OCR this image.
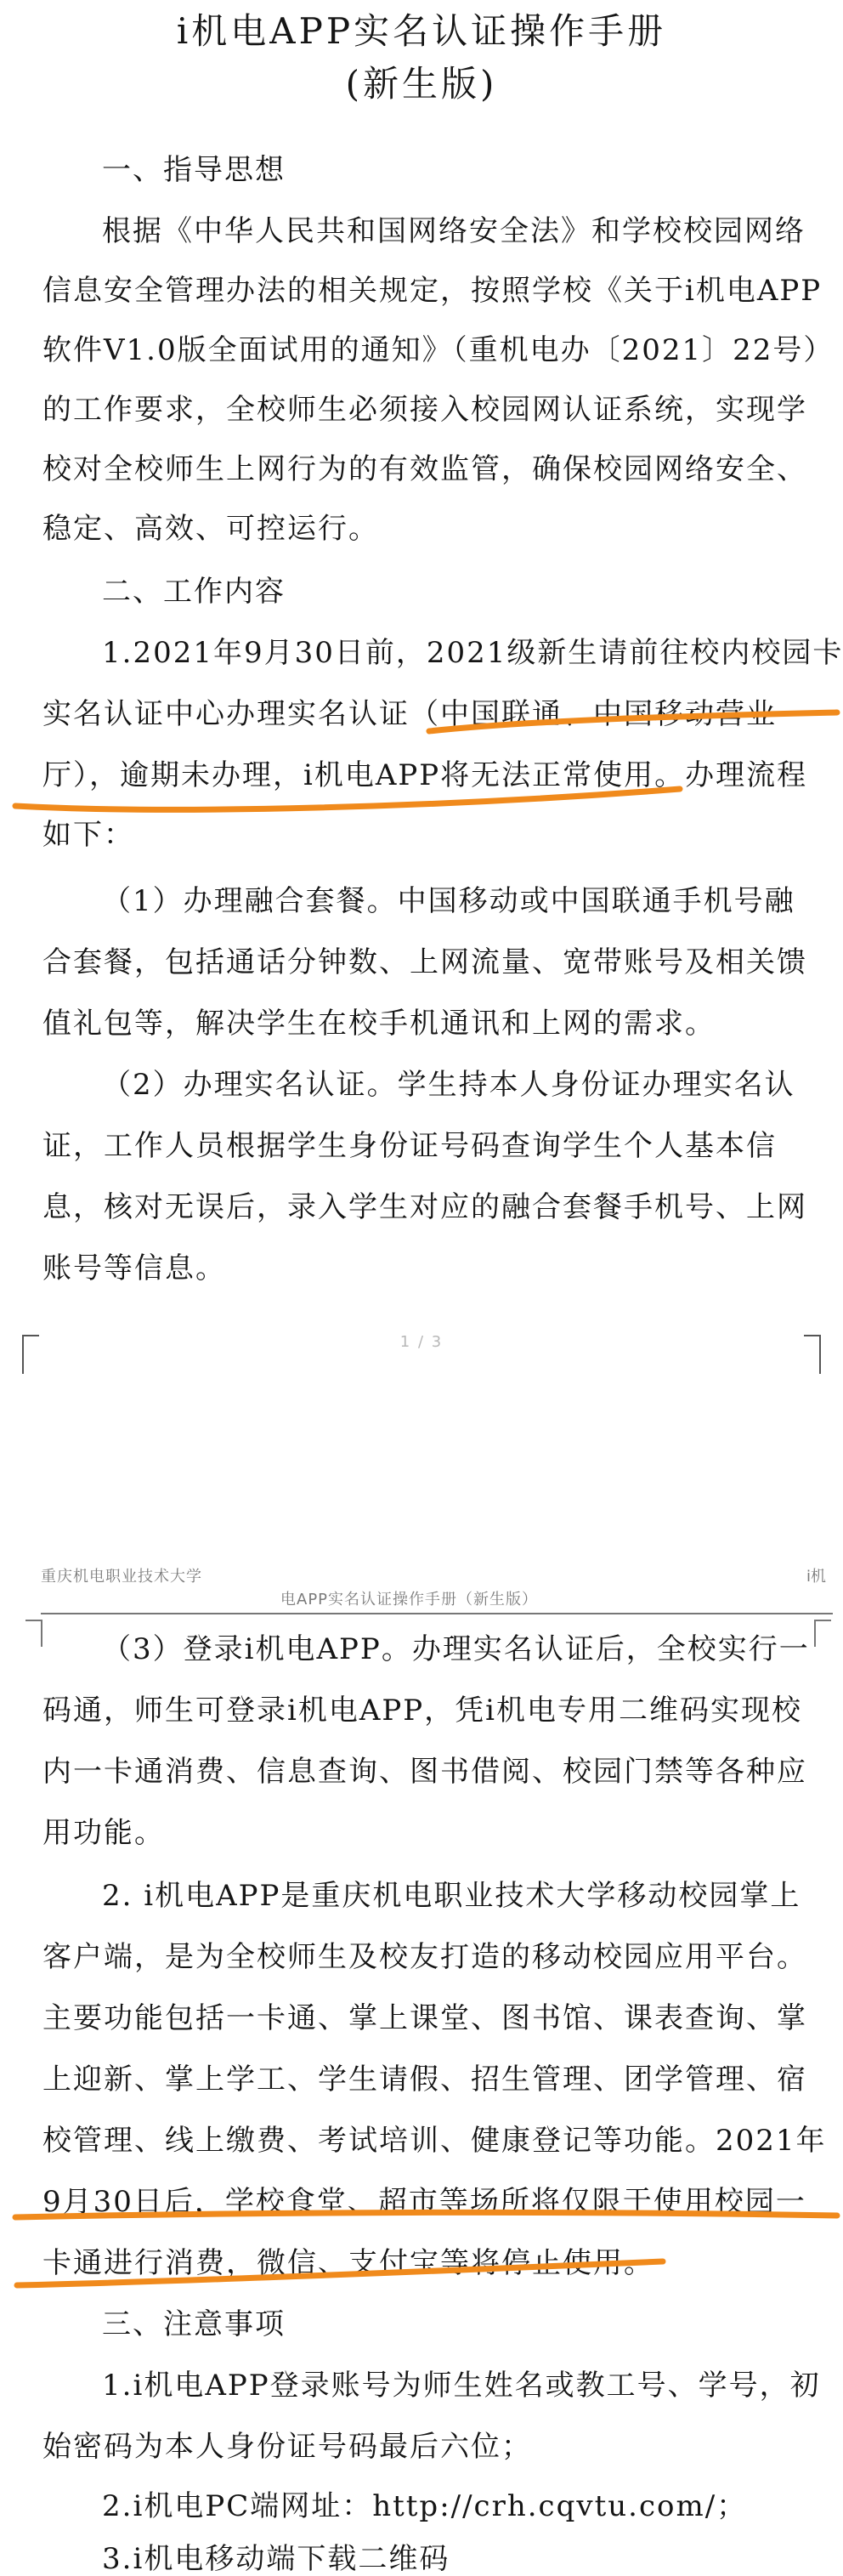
i机电APP实名认证操作手册
(新生版)
一、指导思想
根据《中华人民共和国网络安全法》和学校校园网络
信息安全管理办法的相关规定，按照学校《关于i机电APP
软件V1.0版全面试用的通知》（重机电办〔2021〕22号）
的工作要求，全校师生必须接入校园网认证系统，实现学
校对全校师生上网行为的有效监管，确保校园网络安全、
稳定、高效、可控运行。
二、工作内容
1.2021年9月30日前，2021级新生请前往校内校园卡
实名认证中心办理实名认证（中国联通、中国移动营业
厅），逾期未办理，i机电APP将无法正常使用。办理流程
如下：
（1）办理融合套餐。中国移动或中国联通手机号融
合套餐，包括通话分钟数、上网流量、宽带账号及相关馈
值礼包等，解决学生在校手机通讯和上网的需求。
（2）办理实名认证。学生持本人身份证办理实名认
证，工作人员根据学生身份证号码查询学生个人基本信
息，核对无误后，录入学生对应的融合套餐手机号、上网
账号等信息。
1 / 3
重庆机电职业技术大学
电APP实名认证操作手册（新生版）
i机
（3）登录i机电APP。办理实名认证后，全校实行一
码通，师生可登录i机电APP，凭i机电专用二维码实现校
内一卡通消费、信息查询、图书借阅、校园门禁等各种应
用功能。
2. i机电APP是重庆机电职业技术大学移动校园掌上
客户端，是为全校师生及校友打造的移动校园应用平台。
主要功能包括一卡通、掌上课堂、图书馆、课表查询、掌
上迎新、掌上学工、学生请假、招生管理、团学管理、宿
校管理、线上缴费、考试培训、健康登记等功能。2021年
9月30日后，学校食堂、超市等场所将仅限于使用校园一
卡通进行消费，微信、支付宝等将停止使用。
三、注意事项
1.i机电APP登录账号为师生姓名或教工号、学号，初
始密码为本人身份证号码最后六位；
2.i机电PC端网址：http://crh.cqvtu.com/；
3.i机电移动端下载二维码
